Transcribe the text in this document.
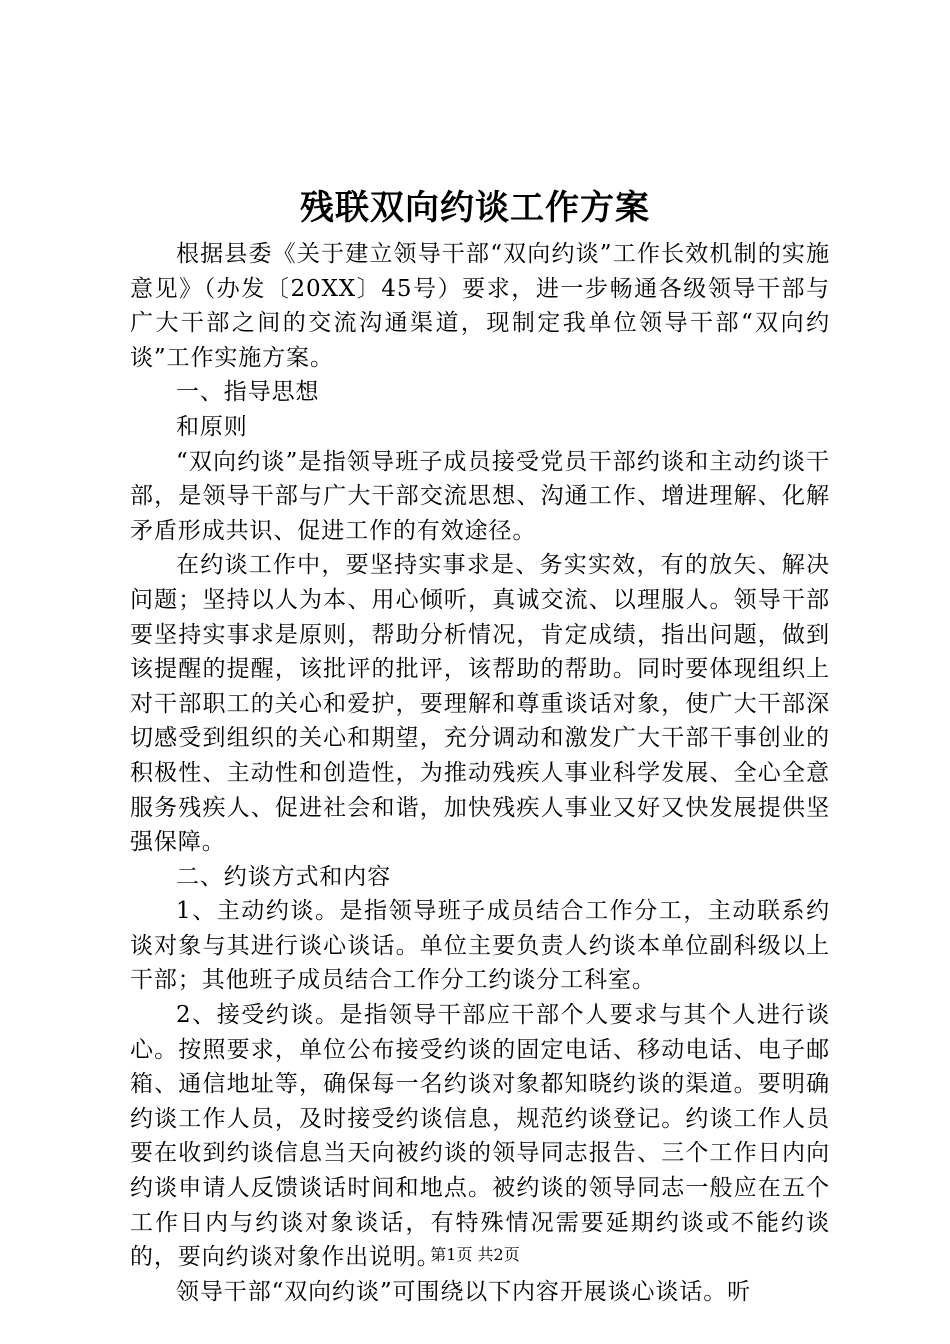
残联双向约谈工作方案

根据县委《关于建立领导干部“双向约谈”工作长效机制的实施意见》（办发〔20XX〕45号）要求，进一步畅通各级领导干部与广大干部之间的交流沟通渠道，现制定我单位领导干部“双向约谈”工作实施方案。

一、指导思想

和原则

“双向约谈”是指领导班子成员接受党员干部约谈和主动约谈干部，是领导干部与广大干部交流思想、沟通工作、增进理解、化解矛盾形成共识、促进工作的有效途径。

在约谈工作中，要坚持实事求是、务实实效，有的放矢、解决问题；坚持以人为本、用心倾听，真诚交流、以理服人。领导干部要坚持实事求是原则，帮助分析情况，肯定成绩，指出问题，做到该提醒的提醒，该批评的批评，该帮助的帮助。同时要体现组织上对干部职工的关心和爱护，要理解和尊重谈话对象，使广大干部深切感受到组织的关心和期望，充分调动和激发广大干部干事创业的积极性、主动性和创造性，为推动残疾人事业科学发展、全心全意服务残疾人、促进社会和谐，加快残疾人事业又好又快发展提供坚强保障。

二、约谈方式和内容

1、主动约谈。是指领导班子成员结合工作分工，主动联系约谈对象与其进行谈心谈话。单位主要负责人约谈本单位副科级以上干部；其他班子成员结合工作分工约谈分工科室。

2、接受约谈。是指领导干部应干部个人要求与其个人进行谈心。按照要求，单位公布接受约谈的固定电话、移动电话、电子邮箱、通信地址等，确保每一名约谈对象都知晓约谈的渠道。要明确约谈工作人员，及时接受约谈信息，规范约谈登记。约谈工作人员要在收到约谈信息当天向被约谈的领导同志报告、三个工作日内向约谈申请人反馈谈话时间和地点。被约谈的领导同志一般应在五个工作日内与约谈对象谈话，有特殊情况需要延期约谈或不能约谈的，要向约谈对象作出说明。

领导干部“双向约谈”可围绕以下内容开展谈心谈话。听

第1页 共2页
